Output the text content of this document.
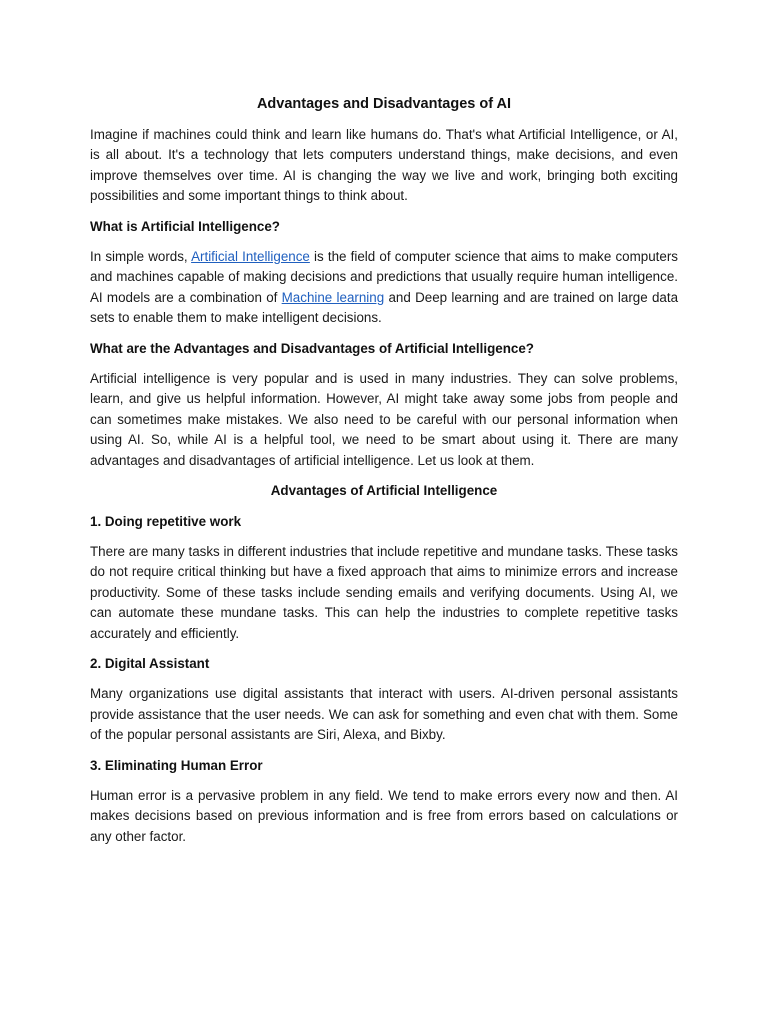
Advantages and Disadvantages of AI

Imagine if machines could think and learn like humans do. That's what Artificial Intelligence, or AI, is all about. It's a technology that lets computers understand things, make decisions, and even improve themselves over time. AI is changing the way we live and work, bringing both exciting possibilities and some important things to think about.

What is Artificial Intelligence?

In simple words, Artificial Intelligence is the field of computer science that aims to make computers and machines capable of making decisions and predictions that usually require human intelligence. AI models are a combination of Machine learning and Deep learning and are trained on large data sets to enable them to make intelligent decisions.

What are the Advantages and Disadvantages of Artificial Intelligence?

Artificial intelligence is very popular and is used in many industries. They can solve problems, learn, and give us helpful information. However, AI might take away some jobs from people and can sometimes make mistakes. We also need to be careful with our personal information when using AI. So, while AI is a helpful tool, we need to be smart about using it. There are many advantages and disadvantages of artificial intelligence. Let us look at them.

Advantages of Artificial Intelligence
1. Doing repetitive work

There are many tasks in different industries that include repetitive and mundane tasks. These tasks do not require critical thinking but have a fixed approach that aims to minimize errors and increase productivity. Some of these tasks include sending emails and verifying documents. Using AI, we can automate these mundane tasks. This can help the industries to complete repetitive tasks accurately and efficiently.

2. Digital Assistant

Many organizations use digital assistants that interact with users. AI-driven personal assistants provide assistance that the user needs. We can ask for something and even chat with them. Some of the popular personal assistants are Siri, Alexa, and Bixby.

3. Eliminating Human Error

Human error is a pervasive problem in any field. We tend to make errors every now and then. AI makes decisions based on previous information and is free from errors based on calculations or any other factor.
